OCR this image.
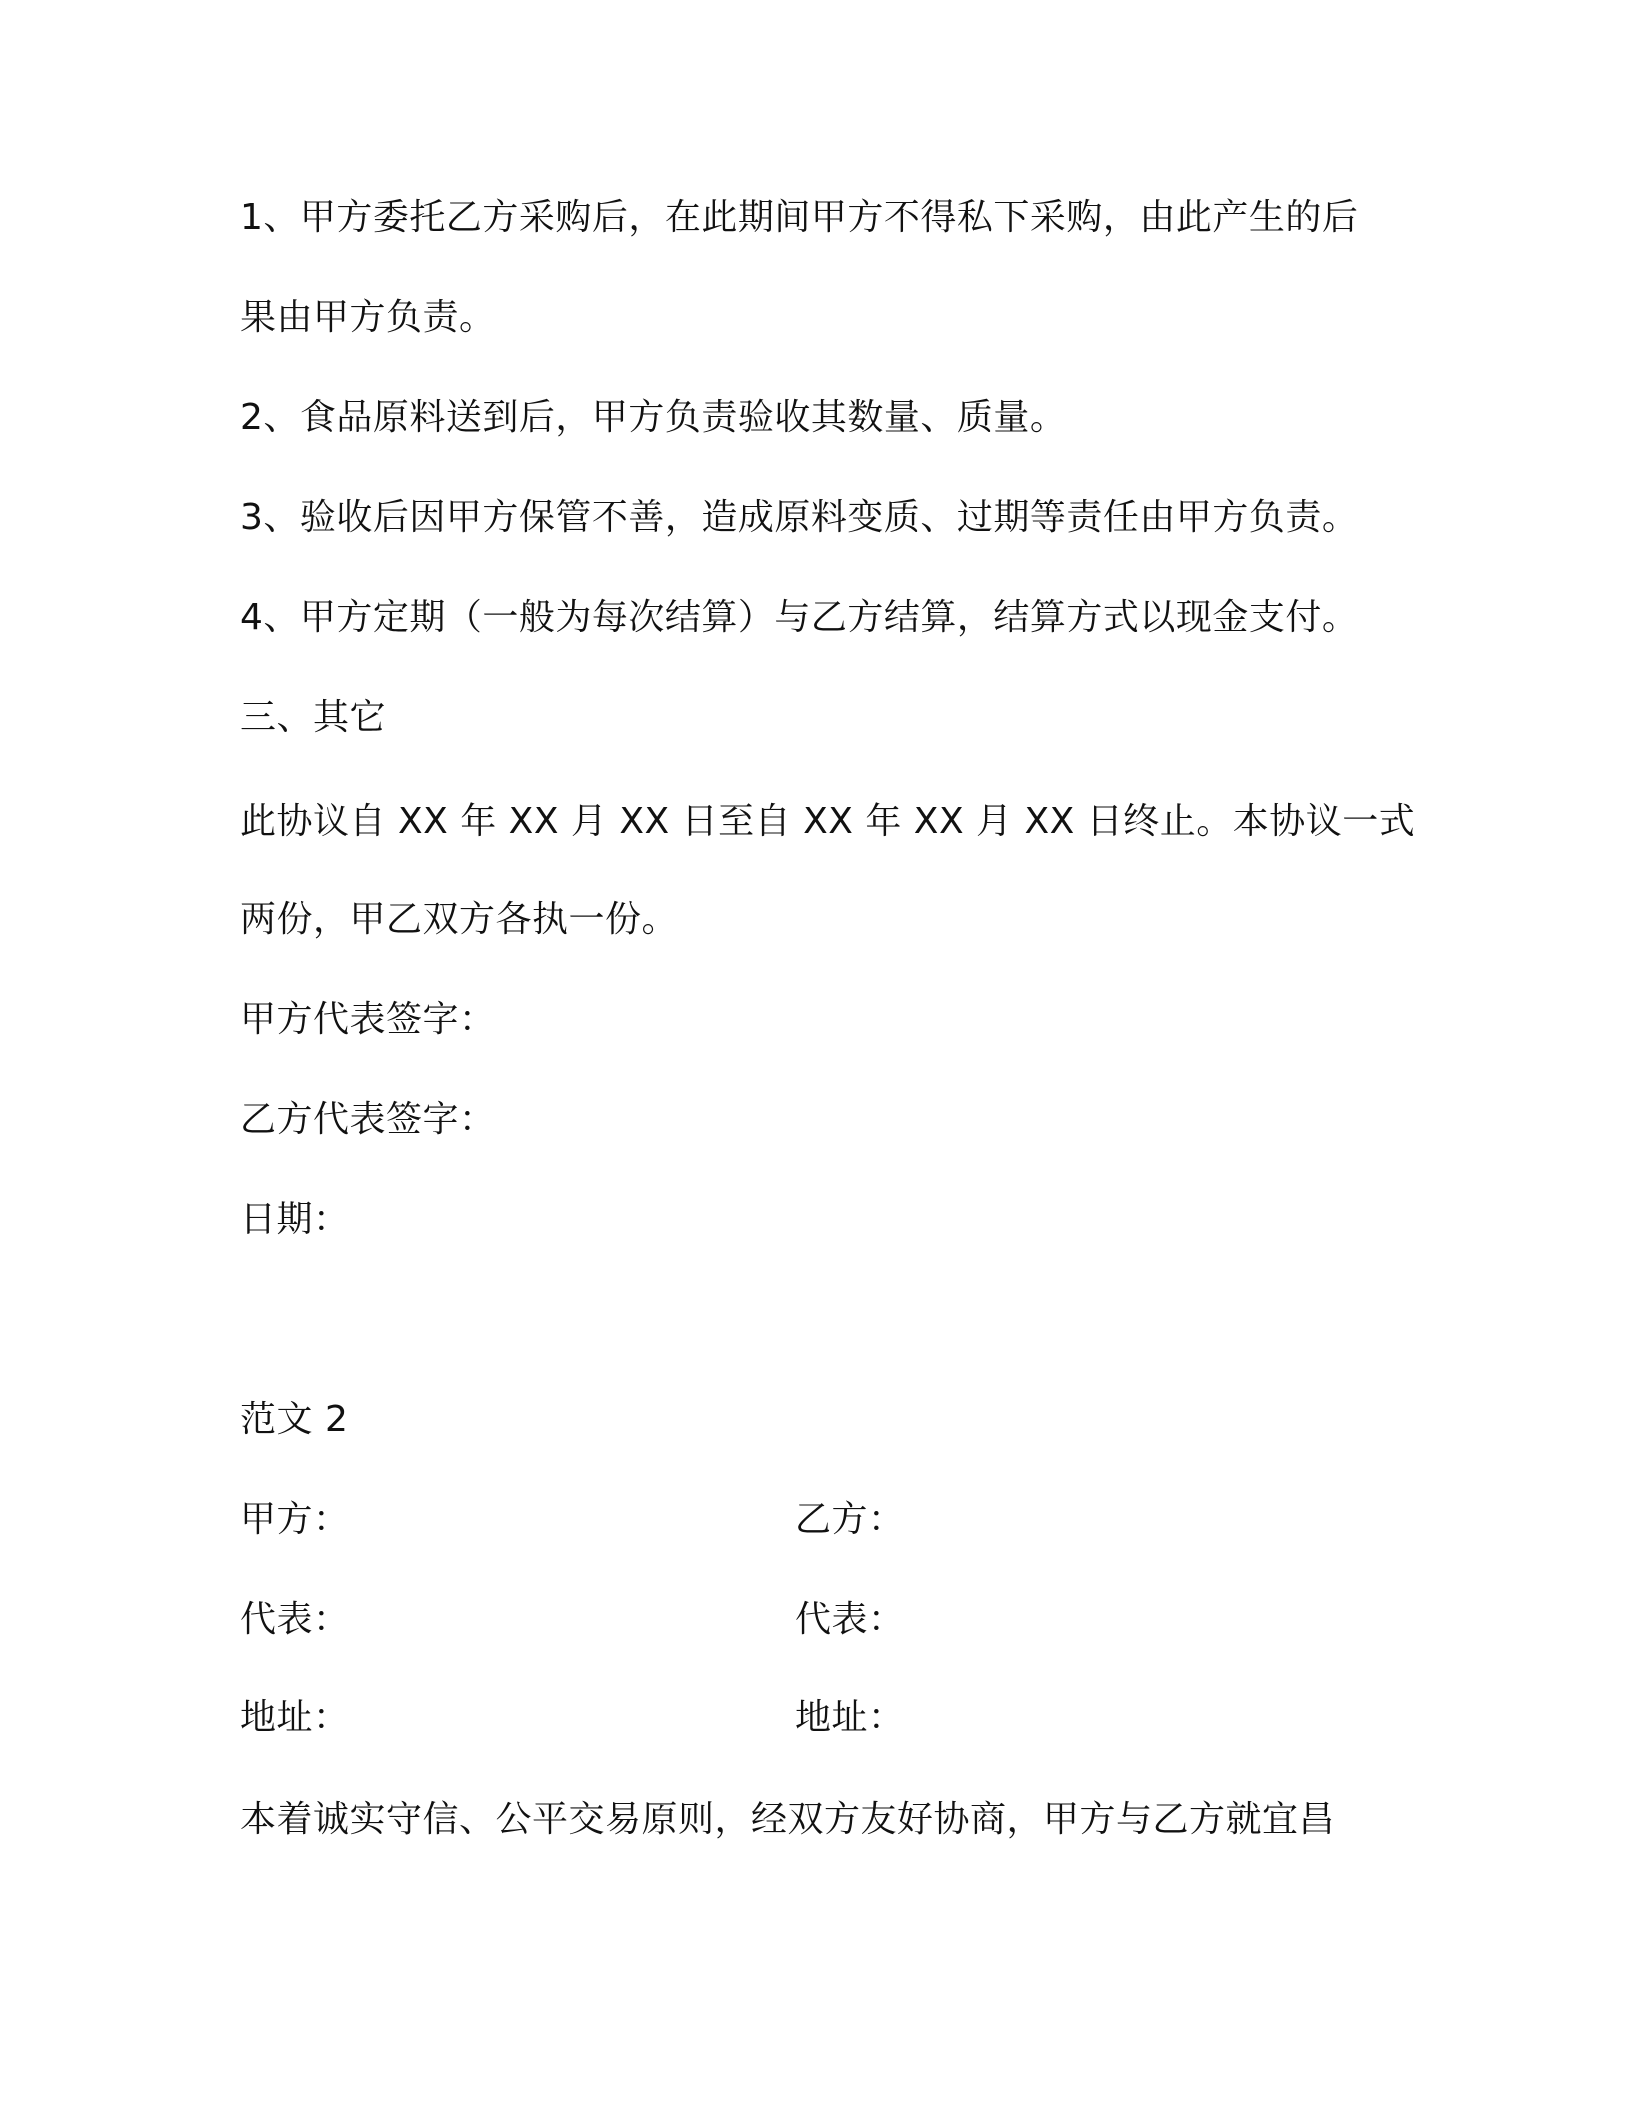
1、甲方委托乙方采购后，在此期间甲方不得私下采购，由此产生的后
果由甲方负责。
2、食品原料送到后，甲方负责验收其数量、质量。
3、验收后因甲方保管不善，造成原料变质、过期等责任由甲方负责。
4、甲方定期（一般为每次结算）与乙方结算，结算方式以现金支付。
三、其它
此协议自 XX 年 XX 月 XX 日至自 XX 年 XX 月 XX 日终止。本协议一式
两份，甲乙双方各执一份。
甲方代表签字：
乙方代表签字：
日期：
范文 2
甲方：	乙方：
代表：	代表：
地址：	地址：
本着诚实守信、公平交易原则，经双方友好协商，甲方与乙方就宜昌
